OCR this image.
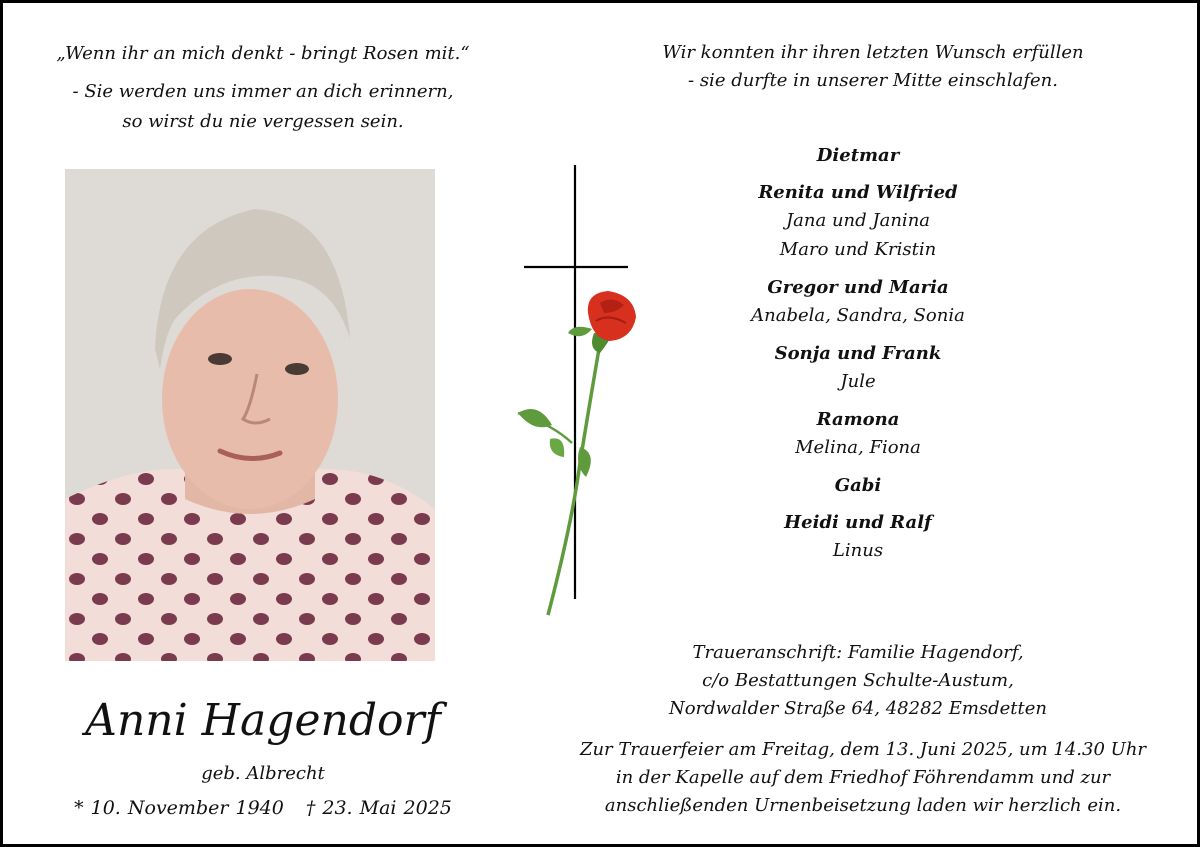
„Wenn ihr an mich denkt - bringt Rosen mit.“
- Sie werden uns immer an dich erinnern,
so wirst du nie vergessen sein.
Anni Hagendorf
geb. Albrecht
* 10. November 1940 † 23. Mai 2025
Wir konnten ihr ihren letzten Wunsch erfüllen
- sie durfte in unserer Mitte einschlafen.
Dietmar
Renita und Wilfried
Jana und Janina
Maro und Kristin
Gregor und Maria
Anabela, Sandra, Sonia
Sonja und Frank
Jule
Ramona
Melina, Fiona
Gabi
Heidi und Ralf
Linus
Traueranschrift: Familie Hagendorf,
c/o Bestattungen Schulte-Austum,
Nordwalder Straße 64, 48282 Emsdetten
Zur Trauerfeier am Freitag, dem 13. Juni 2025, um 14.30 Uhr
in der Kapelle auf dem Friedhof Föhrendamm und zur
anschließenden Urnenbeisetzung laden wir herzlich ein.
